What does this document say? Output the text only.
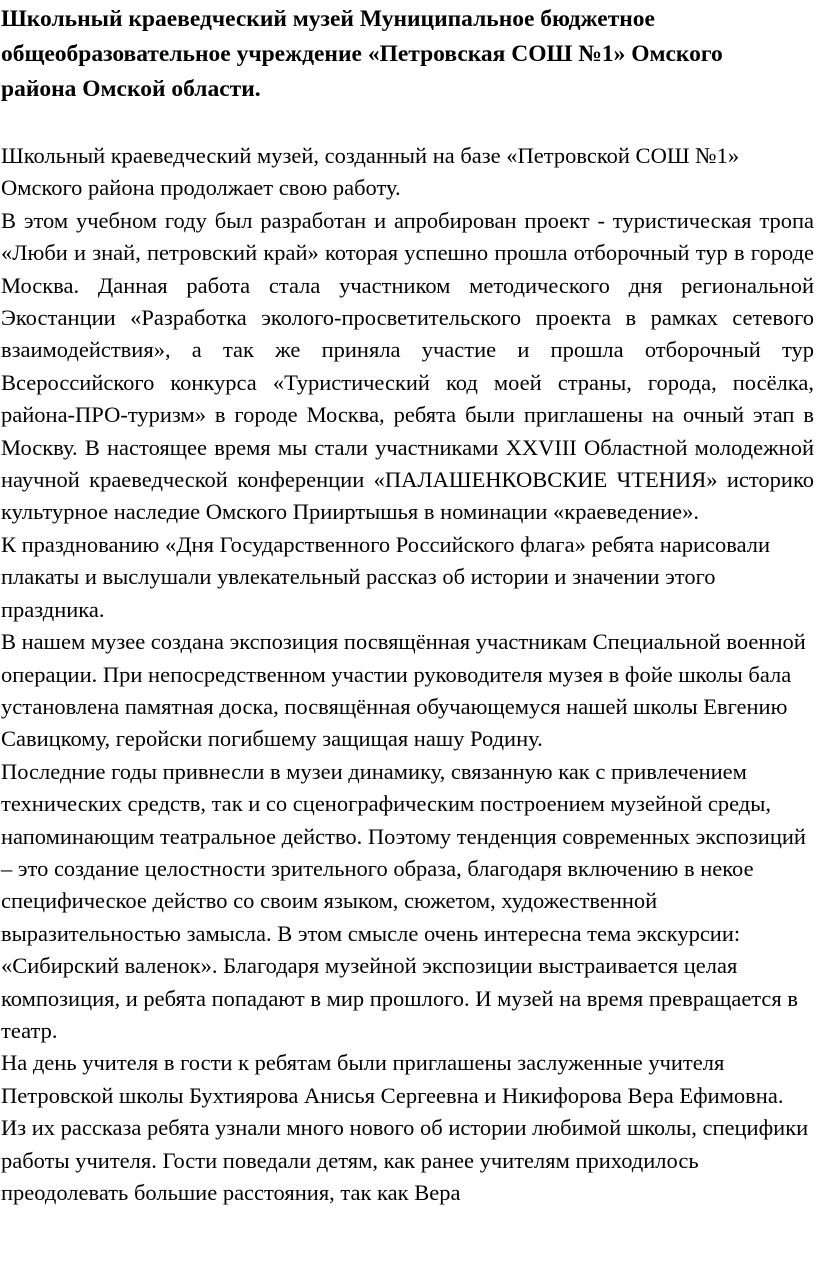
Школьный краеведческий музей Муниципальное бюджетное общеобразовательное учреждение «Петровская СОШ №1» Омского района Омской области.

Школьный краеведческий музей, созданный на базе «Петровской СОШ №1» Омского района продолжает свою работу.

В этом учебном году был разработан и апробирован проект - туристическая тропа «Люби и знай, петровский край» которая успешно прошла отборочный тур в городе Москва. Данная работа стала участником методического дня региональной Экостанции «Разработка эколого-просветительского проекта в рамках сетевого взаимодействия», а так же приняла участие и прошла отборочный тур Всероссийского конкурса «Туристический код моей страны, города, посёлка, района-ПРО-туризм» в городе Москва, ребята были приглашены на очный этап в Москву. В настоящее время мы стали участниками XXVIII Областной молодежной научной краеведческой конференции «ПАЛАШЕНКОВСКИЕ ЧТЕНИЯ» историко культурное наследие Омского Прииртышья в номинации «краеведение».

К празднованию «Дня Государственного Российского флага» ребята нарисовали плакаты и выслушали увлекательный рассказ об истории и значении этого праздника.

В нашем музее создана экспозиция посвящённая участникам Специальной военной операции. При непосредственном участии руководителя музея в фойе школы бала установлена памятная доска, посвящённая обучающемуся нашей школы Евгению Савицкому, геройски погибшему защищая нашу Родину.

Последние годы привнесли в музеи динамику, связанную как с привлечением технических средств, так и со сценографическим построением музейной среды, напоминающим театральное действо. Поэтому тенденция современных экспозиций – это создание целостности зрительного образа, благодаря включению в некое специфическое действо со своим языком, сюжетом, художественной выразительностью замысла. В этом смысле очень интересна тема экскурсии: «Сибирский валенок». Благодаря музейной экспозиции выстраивается целая композиция, и ребята попадают в мир прошлого. И музей на время превращается в театр.

На день учителя в гости к ребятам были приглашены заслуженные учителя Петровской школы Бухтиярова Анисья Сергеевна и Никифорова Вера Ефимовна. Из их рассказа ребята узнали много нового об истории любимой школы, специфики работы учителя. Гости поведали детям, как ранее учителям приходилось преодолевать большие расстояния, так как Вера
